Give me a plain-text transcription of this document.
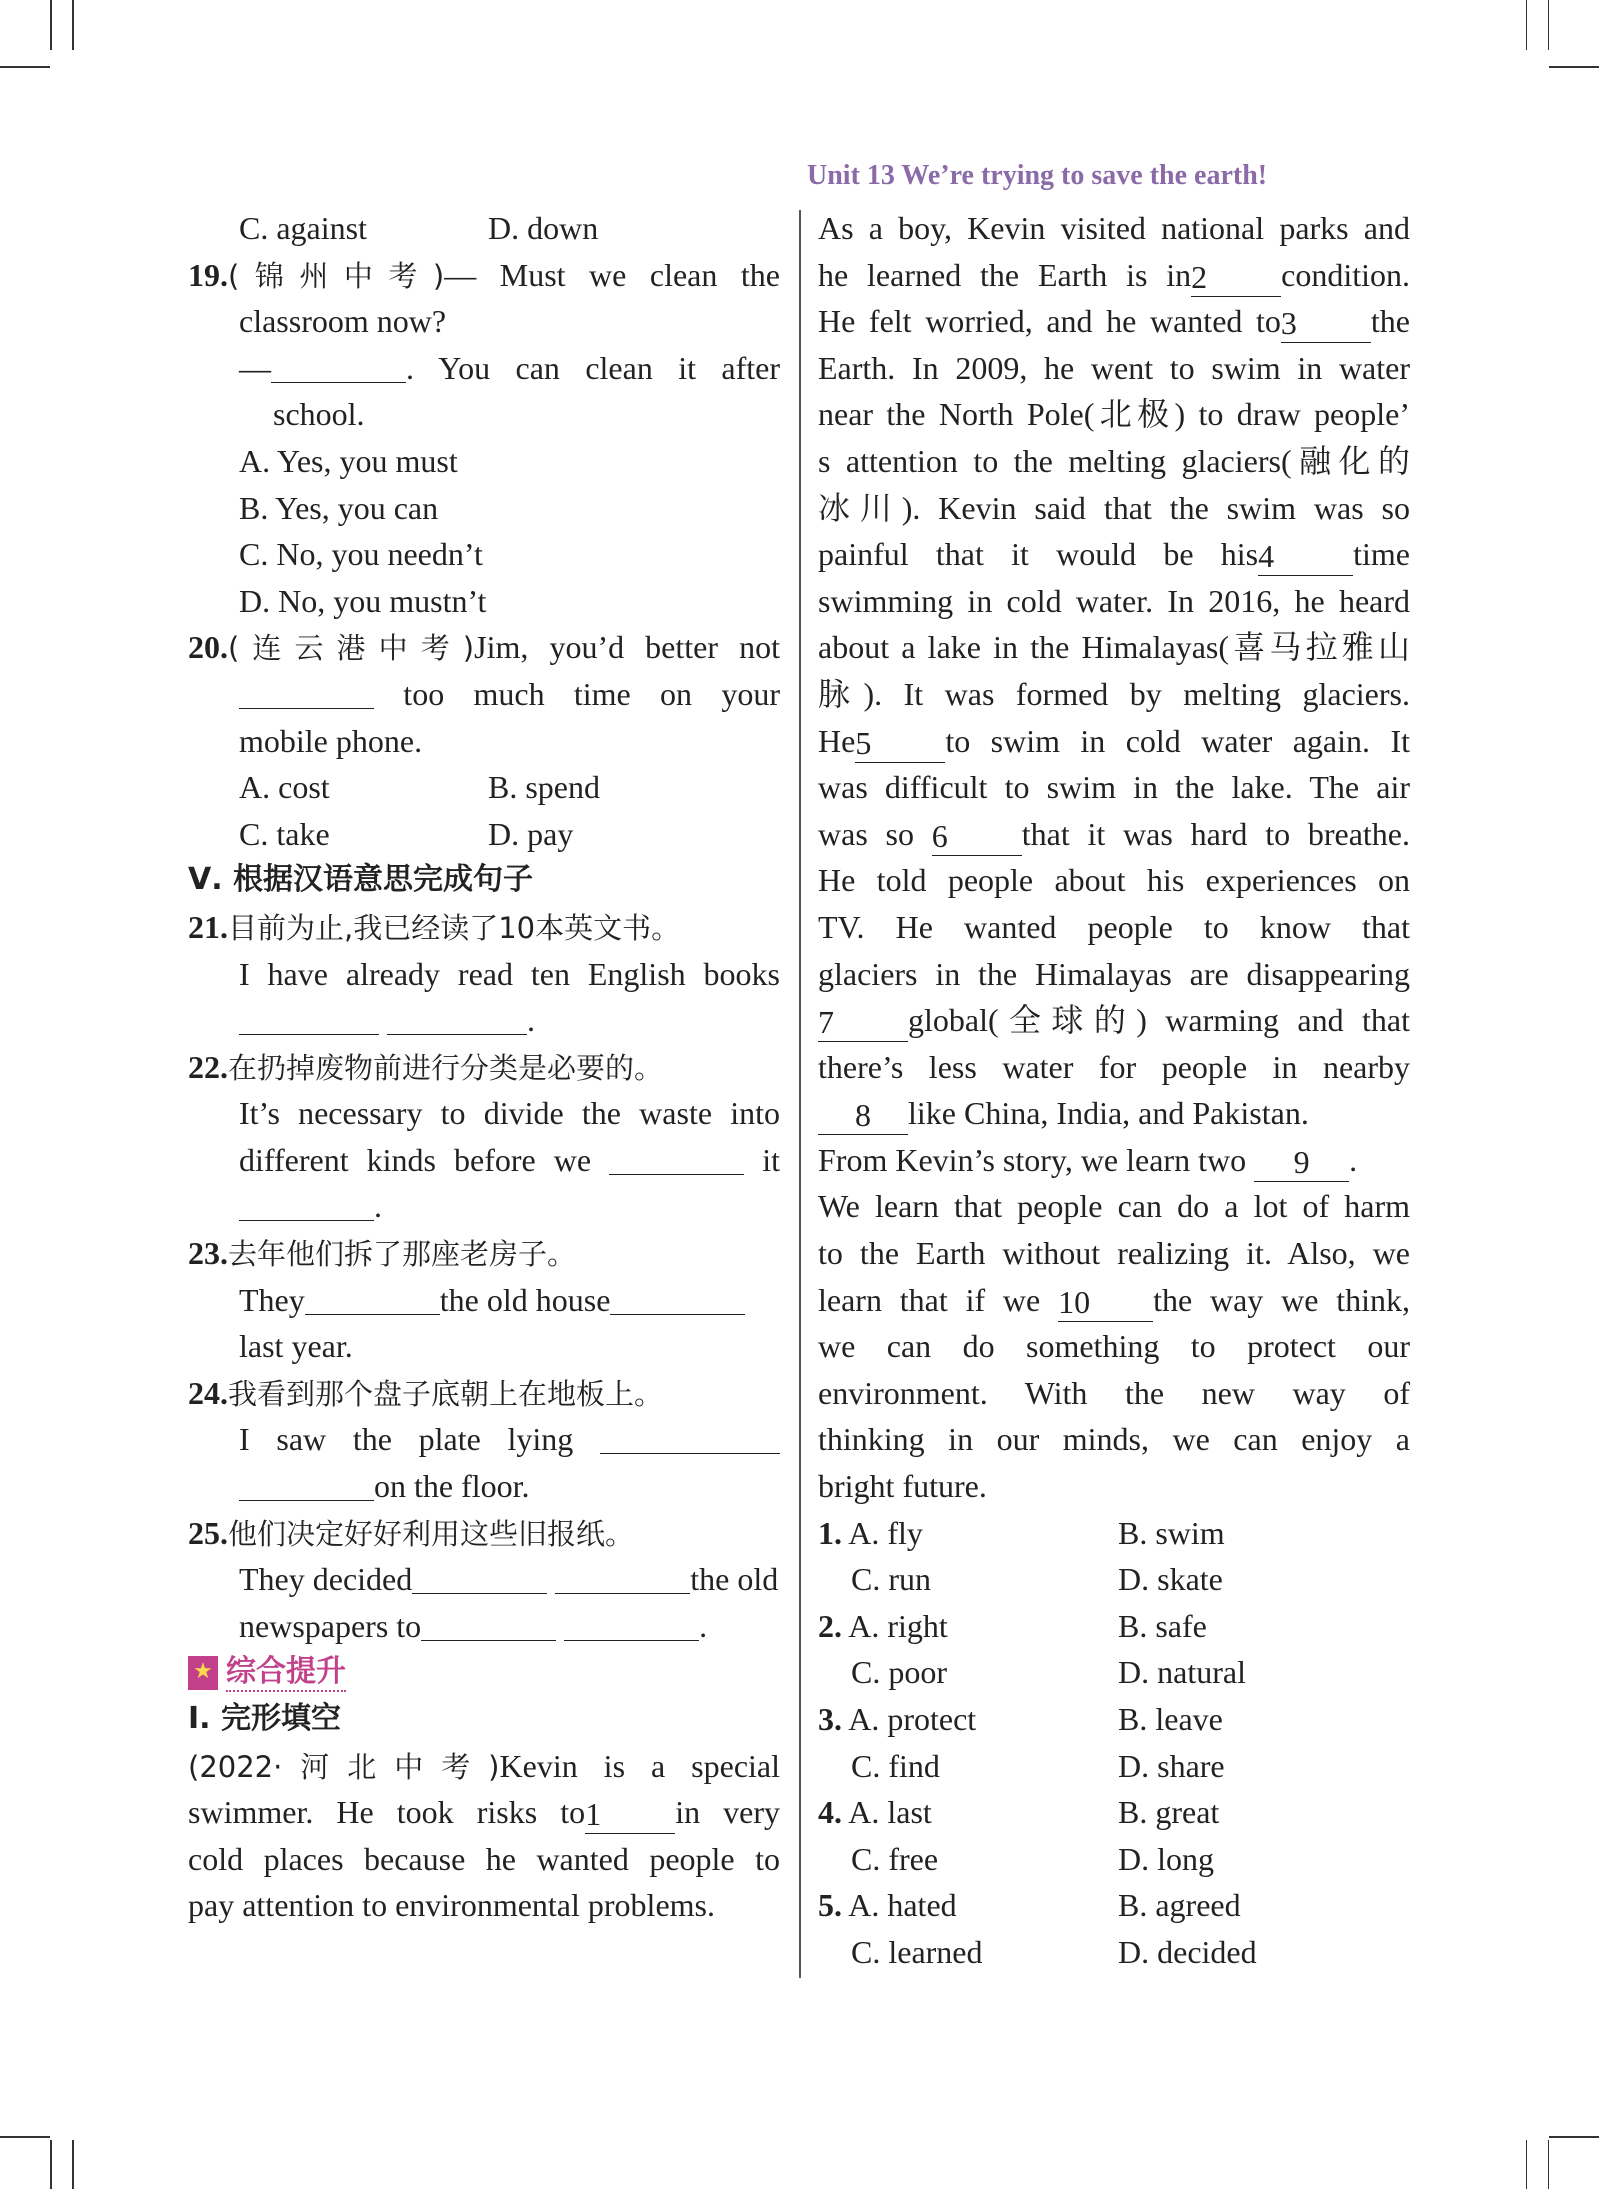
Unit 13 We’re trying to save the earth!
C. against	D. down
19.(锦州中考)— Must we clean the
classroom now?
—	. You can clean it after
school.
A. Yes, you must
B. Yes, you can
C. No, you needn’t
D. No, you mustn’t
20.(连云港中考)Jim, you’d better not
too much time on your
mobile phone.
A. cost	B. spend
C. take	D. pay
Ⅴ. 根据汉语意思完成句子
21.目前为止,我已经读了10本英文书。
I have already read ten English books
.
22.在扔掉废物前进行分类是必要的。
It’s necessary to divide the waste into
different kinds before we	it
.
23.去年他们拆了那座老房子。
They	the old house
last year.
24.我看到那个盘子底朝上在地板上。
I saw the plate lying
on the floor.
25.他们决定好好利用这些旧报纸。
They decided	the old
newspapers to	.
★ 综合提升
Ⅰ. 完形填空
(2022·河北中考)Kevin is a special
swimmer. He took risks to1 in very
cold places because he wanted people to
pay attention to environmental problems.
As a boy, Kevin visited national parks and
he learned the Earth is in2 condition.
He felt worried, and he wanted to3 the
Earth. In 2009, he went to swim in water
near the North Pole(北极) to draw people’
s attention to the melting glaciers(融化的
冰川). Kevin said that the swim was so
painful that it would be his4 time
swimming in cold water. In 2016, he heard
about a lake in the Himalayas(喜马拉雅山
脉). It was formed by melting glaciers.
He5 to swim in cold water again. It
was difficult to swim in the lake. The air
was so 6 that it was hard to breathe.
He told people about his experiences on
TV. He wanted people to know that
glaciers in the Himalayas are disappearing
7 global(全球的) warming and that
there’s less water for people in nearby
8 like China, India, and Pakistan.
From Kevin’s story, we learn two 9 .
We learn that people can do a lot of harm
to the Earth without realizing it. Also, we
learn that if we 10 the way we think,
we can do something to protect our
environment. With the new way of
thinking in our minds, we can enjoy a
bright future.
1. A. fly	B. swim
C. run	D. skate
2. A. right	B. safe
C. poor	D. natural
3. A. protect	B. leave
C. find	D. share
4. A. last	B. great
C. free	D. long
5. A. hated	B. agreed
C. learned	D. decided
